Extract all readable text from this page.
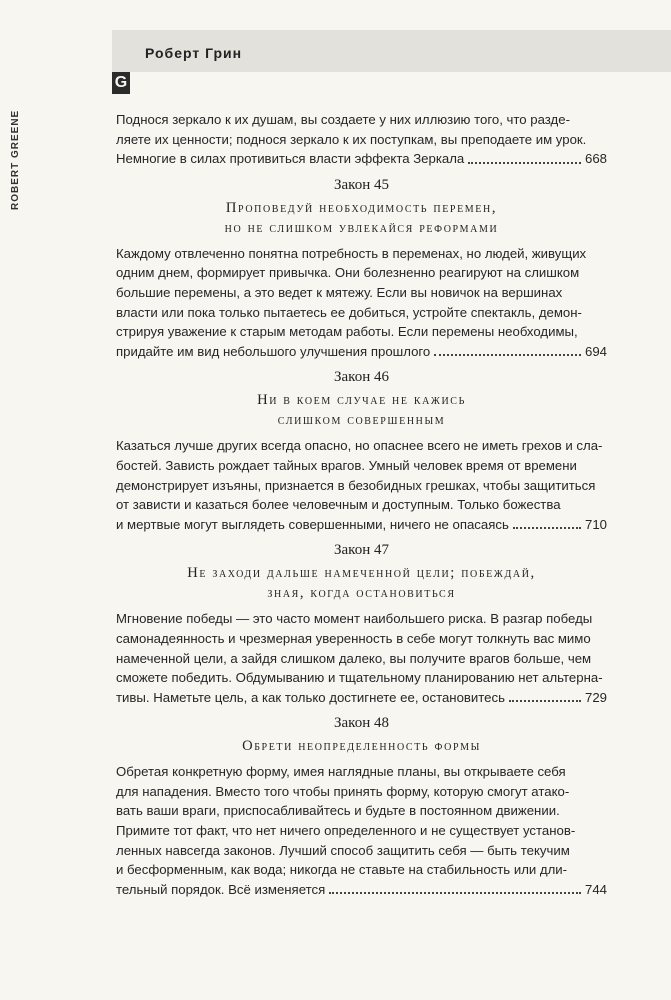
Роберт Грин
G
ROBERT GREENE	Поднося зеркало к их душам, вы создаете у них иллюзию того, что разде-

ляете их ценности; поднося зеркало к их поступкам, вы преподаете им урок.

Немногие в силах противиться власти эффекта Зеркала	668
Закон 45
Проповедуй необходимость перемен,
но не слишком увлекайся реформами

Каждому отвлеченно понятна потребность в переменах, но людей, живущих

одним днем, формирует привычка. Они болезненно реагируют на слишком

большие перемены, а это ведет к мятежу. Если вы новичок на вершинах

власти или пока только пытаетесь ее добиться, устройте спектакль, демон-

стрируя уважение к старым методам работы. Если перемены необходимы,

придайте им вид небольшого улучшения прошлого	694
Закон 46
Ни в коем случае не кажись
слишком совершенным

Казаться лучше других всегда опасно, но опаснее всего не иметь грехов и сла-

бостей. Зависть рождает тайных врагов. Умный человек время от времени

демонстрирует изъяны, признается в безобидных грешках, чтобы защититься

от зависти и казаться более человечным и доступным. Только божества

и мертвые могут выглядеть совершенными, ничего не опасаясь	710
Закон 47
Не заходи дальше намеченной цели; побеждай,
зная, когда остановиться

Мгновение победы — это часто момент наибольшего риска. В разгар победы

самонадеянность и чрезмерная уверенность в себе могут толкнуть вас мимо

намеченной цели, а зайдя слишком далеко, вы получите врагов больше, чем

сможете победить. Обдумыванию и тщательному планированию нет альтерна-

тивы. Наметьте цель, а как только достигнете ее, остановитесь	729
Закон 48
Обрети неопределенность формы

Обретая конкретную форму, имея наглядные планы, вы открываете себя

для нападения. Вместо того чтобы принять форму, которую смогут атако-

вать ваши враги, приспосабливайтесь и будьте в постоянном движении.

Примите тот факт, что нет ничего определенного и не существует установ-

ленных навсегда законов. Лучший способ защитить себя — быть текучим

и бесформенным, как вода; никогда не ставьте на стабильность или дли-

тельный порядок. Всё изменяется	744
